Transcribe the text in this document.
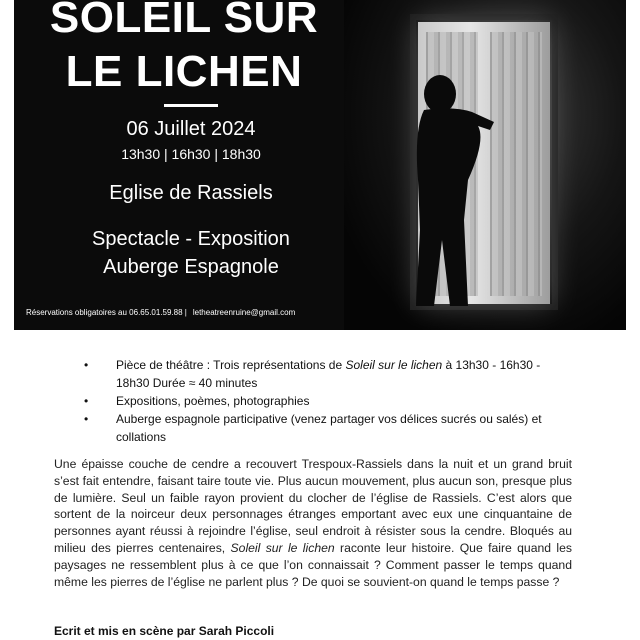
SOLEIL SUR
LE LICHEN
06 Juillet 2024
13h30 | 16h30 | 18h30
Eglise de Rassiels
Spectacle - Exposition
Auberge Espagnole
Réservations obligatoires au 06.65.01.59.88 | letheatreenruine@gmail.com
• Pièce de théâtre : Trois représentations de Soleil sur le lichen à 13h30 - 16h30 - 18h30 Durée ≈ 40 minutes
• Expositions, poèmes, photographies
• Auberge espagnole participative (venez partager vos délices sucrés ou salés) et collations

Une épaisse couche de cendre a recouvert Trespoux-Rassiels dans la nuit et un grand bruit s’est fait entendre, faisant taire toute vie. Plus aucun mouvement, plus aucun son, presque plus de lumière. Seul un faible rayon provient du clocher de l’église de Rassiels. C’est alors que sortent de la noirceur deux personnages étranges emportant avec eux une cinquantaine de personnes ayant réussi à rejoindre l’église, seul endroit à résister sous la cendre. Bloqués au milieu des pierres centenaires, Soleil sur le lichen raconte leur histoire. Que faire quand les paysages ne ressemblent plus à ce que l’on connaissait ? Comment passer le temps quand même les pierres de l’église ne parlent plus ? De quoi se souvient-on quand le temps passe ?

Ecrit et mis en scène par Sarah Piccoli
